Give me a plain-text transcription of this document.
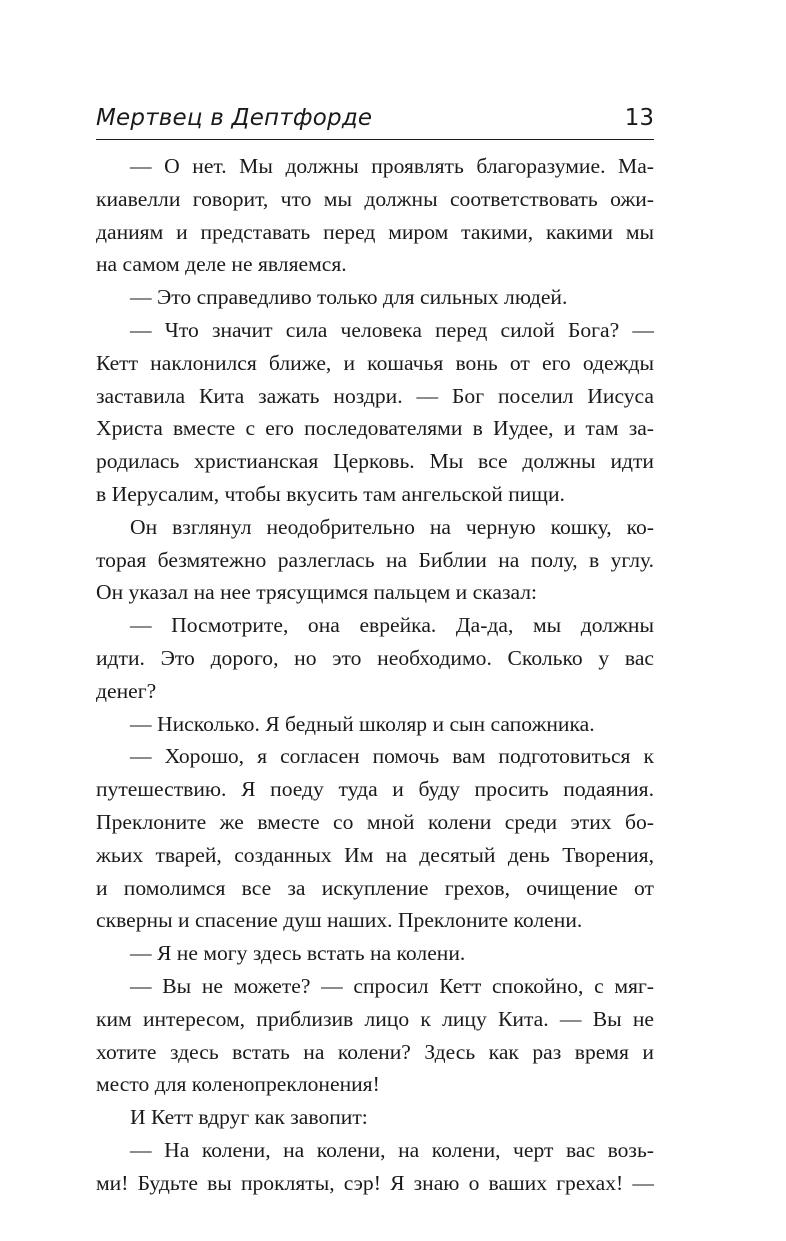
Мертвец в Дептфорде	13

— О нет. Мы должны проявлять благоразумие. Ма-
киавелли говорит, что мы должны соответствовать ожи-
даниям и представать перед миром такими, какими мы
на самом деле не являемся.

— Это справедливо только для сильных людей.

— Что значит сила человека перед силой Бога? —
Кетт наклонился ближе, и кошачья вонь от его одежды
заставила Кита зажать ноздри. — Бог поселил Иисуса
Христа вместе с его последователями в Иудее, и там за-
родилась христианская Церковь. Мы все должны идти
в Иерусалим, чтобы вкусить там ангельской пищи.

Он взглянул неодобрительно на черную кошку, ко-
торая безмятежно разлеглась на Библии на полу, в углу.
Он указал на нее трясущимся пальцем и сказал:

— Посмотрите, она еврейка. Да-да, мы должны
идти. Это дорого, но это необходимо. Сколько у вас
денег?

— Нисколько. Я бедный школяр и сын сапожника.

— Хорошо, я согласен помочь вам подготовиться к
путешествию. Я поеду туда и буду просить подаяния.
Преклоните же вместе со мной колени среди этих бо-
жьих тварей, созданных Им на десятый день Творения,
и помолимся все за искупление грехов, очищение от
скверны и спасение душ наших. Преклоните колени.

— Я не могу здесь встать на колени.

— Вы не можете? — спросил Кетт спокойно, с мяг-
ким интересом, приблизив лицо к лицу Кита. — Вы не
хотите здесь встать на колени? Здесь как раз время и
место для коленопреклонения!

И Кетт вдруг как завопит:

— На колени, на колени, на колени, черт вас возь-
ми! Будьте вы прокляты, сэр! Я знаю о ваших грехах! —
